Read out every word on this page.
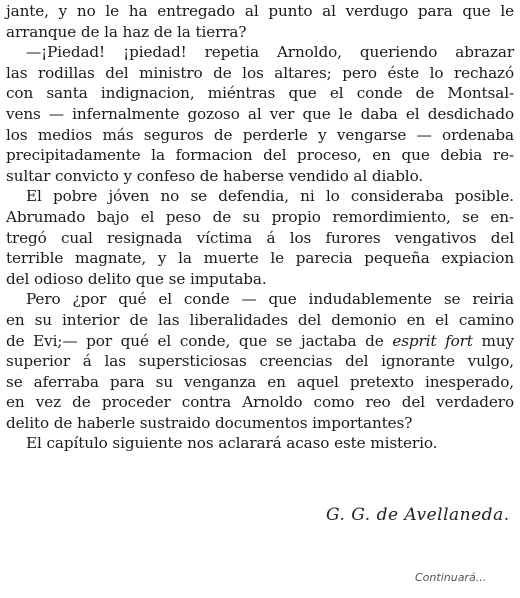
jante, y no le ha entregado al punto al verdugo para que le
arranque de la haz de la tierra?
—¡Piedad! ¡piedad! repetia Arnoldo, queriendo abrazar
las rodillas del ministro de los altares; pero éste lo rechazó
con santa indignacion, miéntras que el conde de Montsal-
vens — infernalmente gozoso al ver que le daba el desdichado
los medios más seguros de perderle y vengarse — ordenaba
precipitadamente la formacion del proceso, en que debia re-
sultar convicto y confeso de haberse vendido al diablo.
El pobre jóven no se defendia, ni lo consideraba posible.
Abrumado bajo el peso de su propio remordimiento, se en-
tregó cual resignada víctima á los furores vengativos del
terrible magnate, y la muerte le parecia pequeña expiacion
del odioso delito que se imputaba.
Pero ¿por qué el conde — que indudablemente se reiria
en su interior de las liberalidades del demonio en el camino
de Evi;— por qué el conde, que se jactaba de esprit fort muy
superior á las supersticiosas creencias del ignorante vulgo,
se aferraba para su venganza en aquel pretexto inesperado,
en vez de proceder contra Arnoldo como reo del verdadero
delito de haberle sustraido documentos importantes?
El capítulo siguiente nos aclarará acaso este misterio.
G. G. de Avellaneda.
Continuará...
